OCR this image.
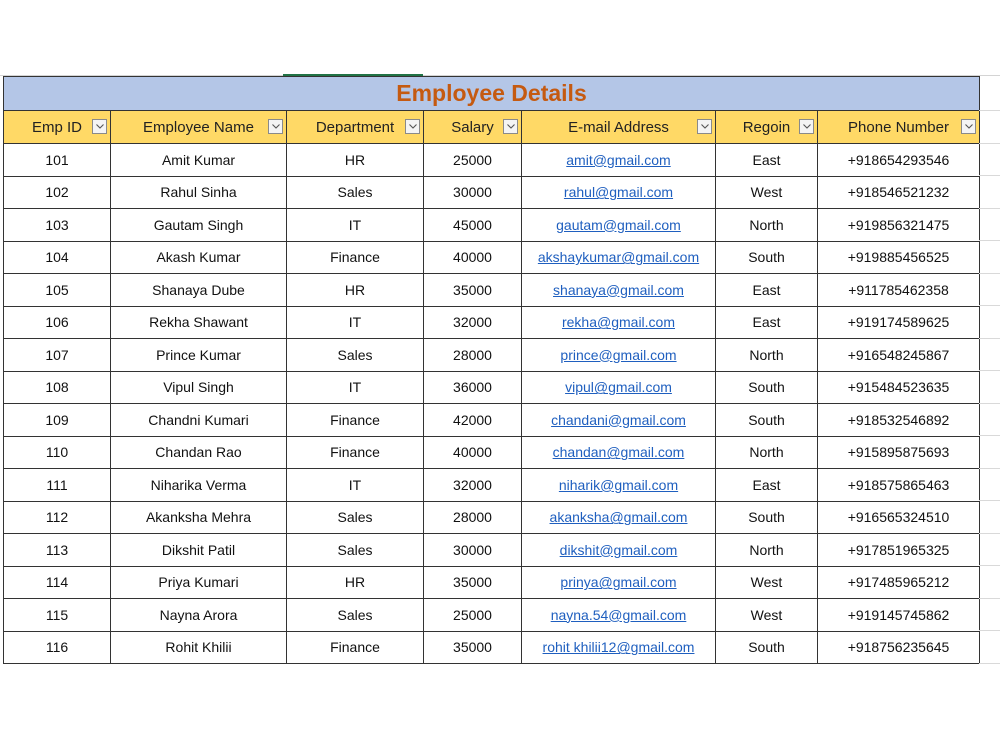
Employee Details						
Emp ID	Employee Name	Department	Salary	E-mail Address	Regoin	Phone Number

101	Amit Kumar	HR	25000	amit@gmail.com	East	+918654293546
102	Rahul Sinha	Sales	30000	rahul@gmail.com	West	+918546521232
103	Gautam Singh	IT	45000	gautam@gmail.com	North	+919856321475
104	Akash Kumar	Finance	40000	akshaykumar@gmail.com	South	+919885456525
105	Shanaya Dube	HR	35000	shanaya@gmail.com	East	+911785462358
106	Rekha Shawant	IT	32000	rekha@gmail.com	East	+919174589625
107	Prince Kumar	Sales	28000	prince@gmail.com	North	+916548245867
108	Vipul Singh	IT	36000	vipul@gmail.com	South	+915484523635
109	Chandni Kumari	Finance	42000	chandani@gmail.com	South	+918532546892
110	Chandan Rao	Finance	40000	chandan@gmail.com	North	+915895875693
111	Niharika Verma	IT	32000	niharik@gmail.com	East	+918575865463
112	Akanksha Mehra	Sales	28000	akanksha@gmail.com	South	+916565324510
113	Dikshit Patil	Sales	30000	dikshit@gmail.com	North	+917851965325
114	Priya Kumari	HR	35000	prinya@gmail.com	West	+917485965212
115	Nayna Arora	Sales	25000	nayna.54@gmail.com	West	+919145745862
116	Rohit Khilii	Finance	35000	rohit khilii12@gmail.com	South	+918756235645
